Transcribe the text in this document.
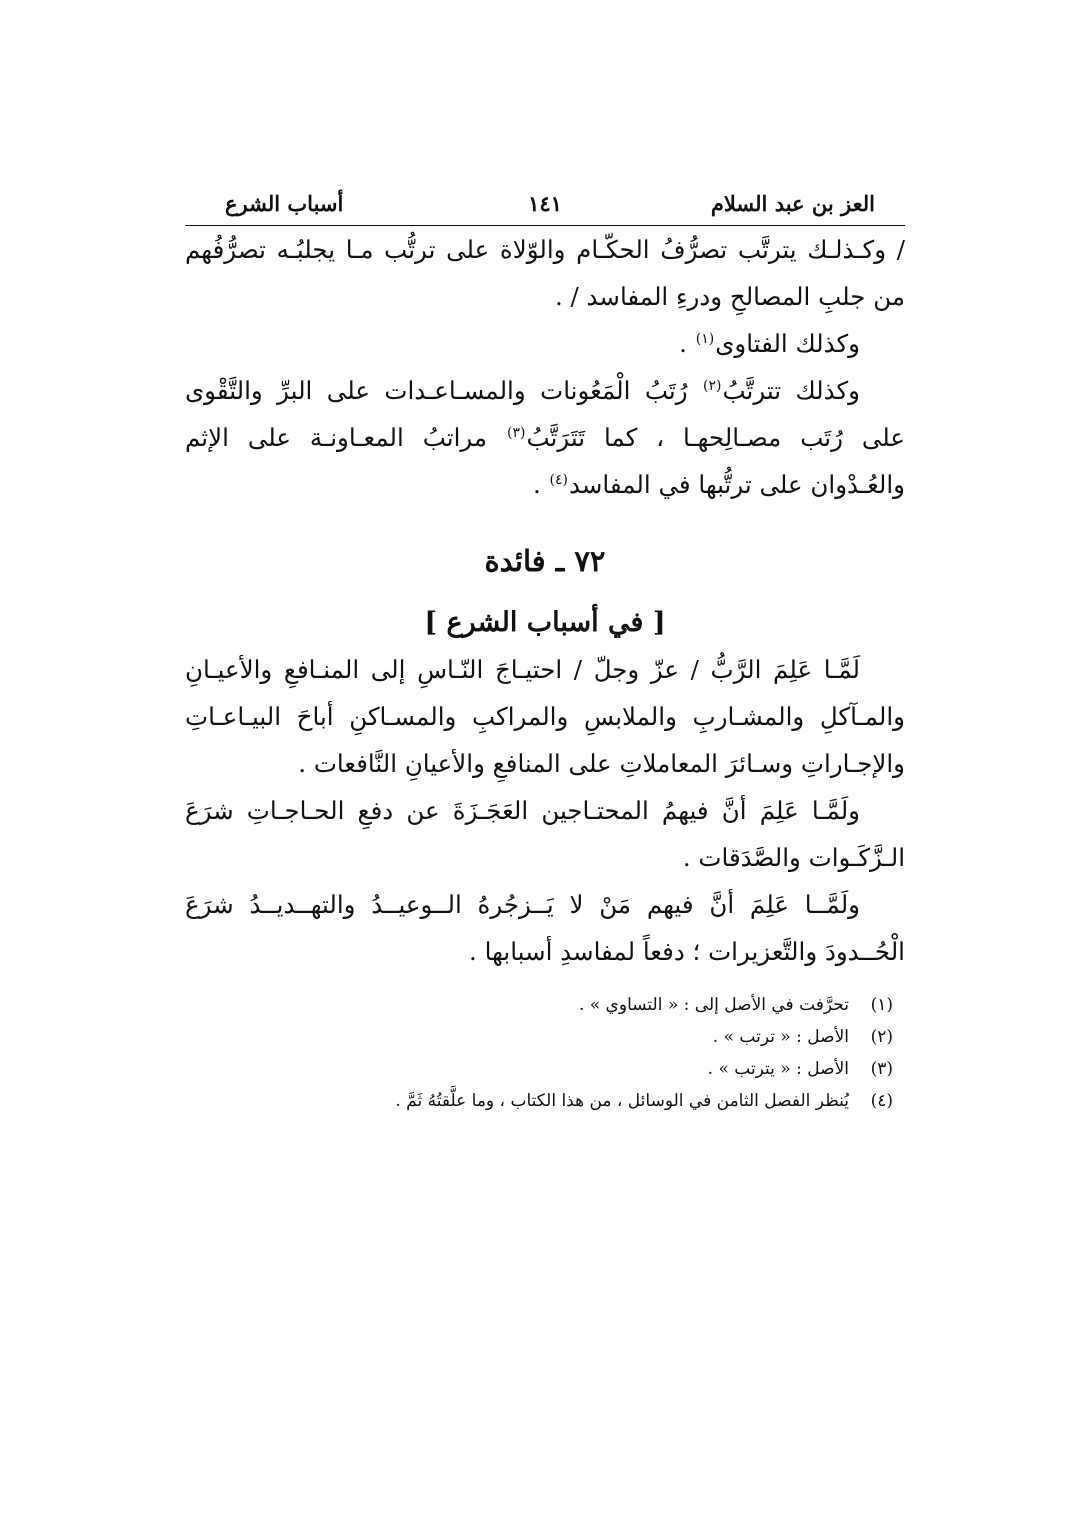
العز بن عبد السلام
١٤١
أسباب الشرع

/ وكـذلـك يترتَّب تصرُّفُ الحكّـام والوّلاة على ترتُّب مـا يجلبُـه تصرُّفُهم من جلبِ المصالحِ ودرءِ المفاسد / .

وكذلك الفتاوى$^{(١)}$ .

وكذلك تترتَّبُ$^{(٢)}$ رُتَبُ الْمَعُونات والمسـاعـدات على البرِّ والتَّقْوى على رُتَب مصـالِحهـا ، كما تَتَرَتَّبُ$^{(٣)}$ مراتبُ المعـاونـة على الإثم والعُـدْوان على ترتُّبها في المفاسد$^{(٤)}$ .

٧٢ ـ فائدة
[ في أسباب الشرع ]

لَمَّـا عَلِمَ الرَّبُّ / عزّ وجلّ / احتيـاجَ النّـاسِ إلى المنـافعِ والأعيـانِ والمـآكلِ والمشـاربِ والملابسِ والمراكبِ والمسـاكنِ أباحَ البيـاعـاتِ والإجـاراتِ وسـائرَ المعاملاتِ على المنافعِ والأعيانِ النَّافعات .

ولَمَّـا عَلِمَ أنَّ فيهمُ المحتـاجين العَجَـزَةَ عن دفعِ الحـاجـاتِ شرَعَ الـزَّكَـوات والصَّدَقات .

ولَمَّــا عَلِمَ أنَّ فيهم مَنْ لا يَــزجُرهُ الــوعيــدُ والتهــديــدُ شرَعَ الْحُــدودَ والتَّعزيرات ؛ دفعاً لمفاسدِ أسبابها .

(١)
تحرَّفت في الأصل إلى : « التساوي » .
(٢)
الأصل : « ترتب » .
(٣)
الأصل : « يترتب » .
(٤)
يُنظر الفصل الثامن في الوسائل ، من هذا الكتاب ، وما علَّقتُهُ ثَمَّ .
